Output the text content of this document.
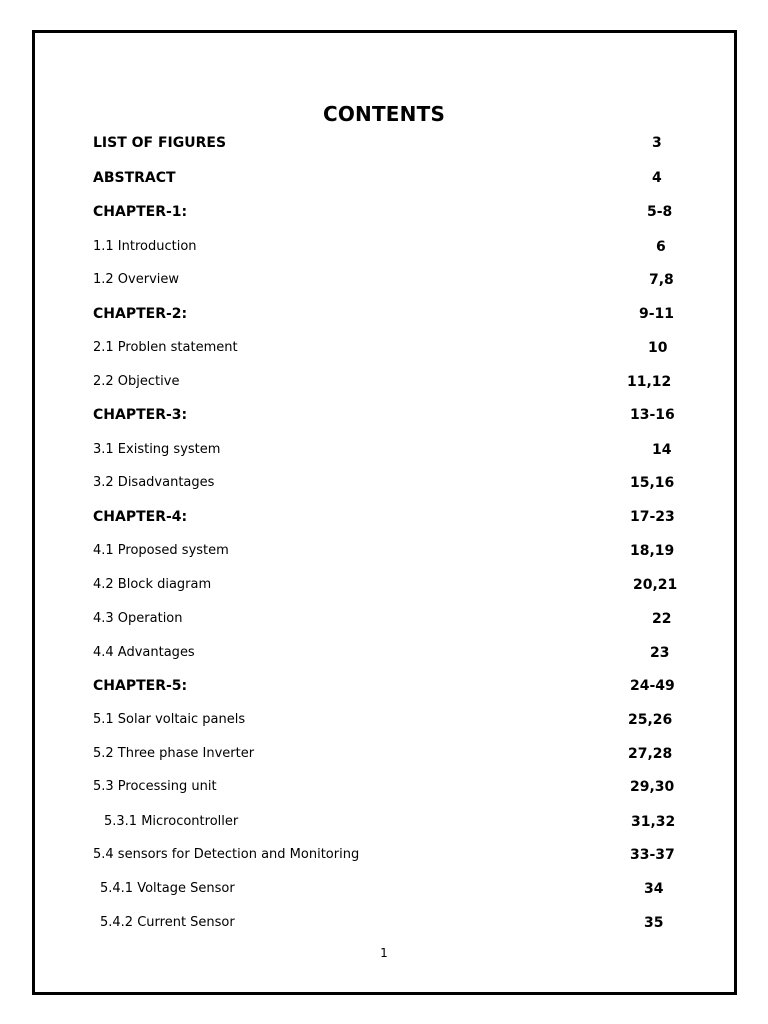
CONTENTS
LIST OF FIGURES	3
ABSTRACT	4
CHAPTER-1:	5-8
1.1 Introduction	6
1.2 Overview	7,8
CHAPTER-2:	9-11
2.1 Problen statement	10
2.2 Objective	11,12
CHAPTER-3:	13-16
3.1 Existing system	14
3.2 Disadvantages	15,16
CHAPTER-4:	17-23
4.1 Proposed system	18,19
4.2 Block diagram	20,21
4.3 Operation	22
4.4 Advantages	23
CHAPTER-5:	24-49
5.1 Solar voltaic panels	25,26
5.2 Three phase Inverter	27,28
5.3 Processing unit	29,30
5.3.1 Microcontroller	31,32
5.4 sensors for Detection and Monitoring	33-37
5.4.1 Voltage Sensor	34
5.4.2 Current Sensor	35
1
